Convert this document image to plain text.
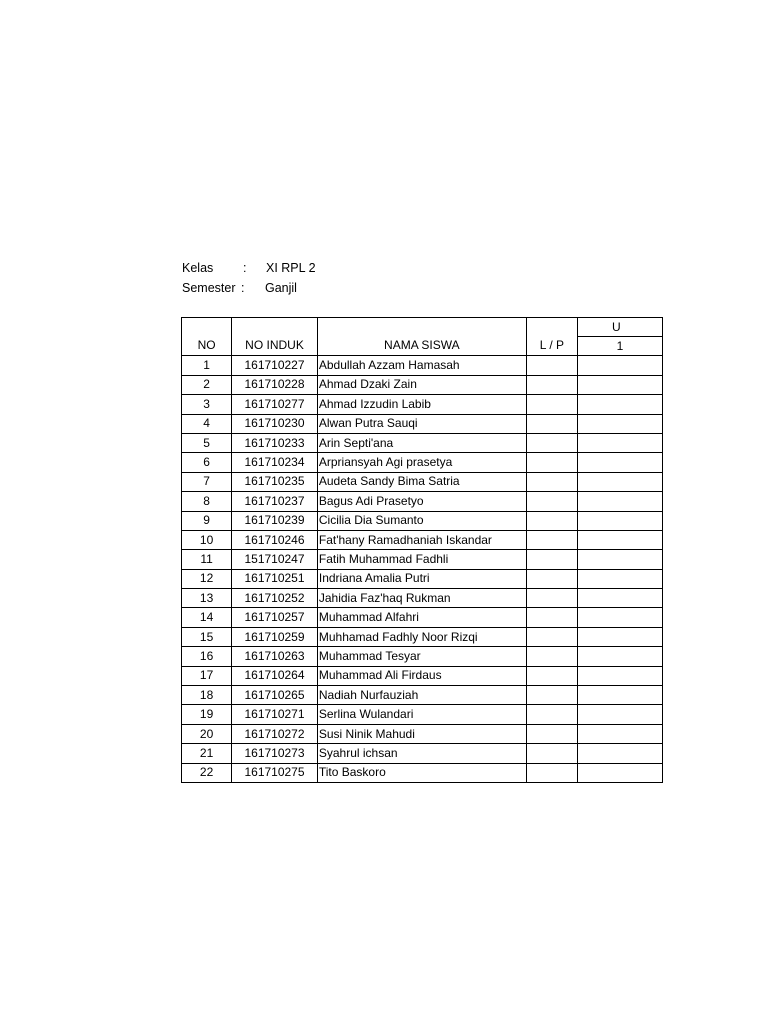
Kelas : XI RPL 2
Semester : Ganjil
				U
NO	NO INDUK	NAMA SISWA	L / P	1
1	161710227	Abdullah Azzam Hamasah		
2	161710228	Ahmad Dzaki Zain		
3	161710277	Ahmad Izzudin Labib		
4	161710230	Alwan Putra Sauqi		
5	161710233	Arin Septi'ana		
6	161710234	Arpriansyah Agi prasetya		
7	161710235	Audeta Sandy Bima Satria		
8	161710237	Bagus Adi Prasetyo		
9	161710239	Cicilia Dia Sumanto		
10	161710246	Fat'hany Ramadhaniah Iskandar		
11	151710247	Fatih Muhammad Fadhli		
12	161710251	Indriana Amalia Putri		
13	161710252	Jahidia Faz'haq Rukman		
14	161710257	Muhammad Alfahri		
15	161710259	Muhhamad Fadhly Noor Rizqi		
16	161710263	Muhammad Tesyar		
17	161710264	Muhammad Ali Firdaus		
18	161710265	Nadiah Nurfauziah		
19	161710271	Serlina Wulandari		
20	161710272	Susi Ninik Mahudi		
21	161710273	Syahrul ichsan		
22	161710275	Tito Baskoro		
